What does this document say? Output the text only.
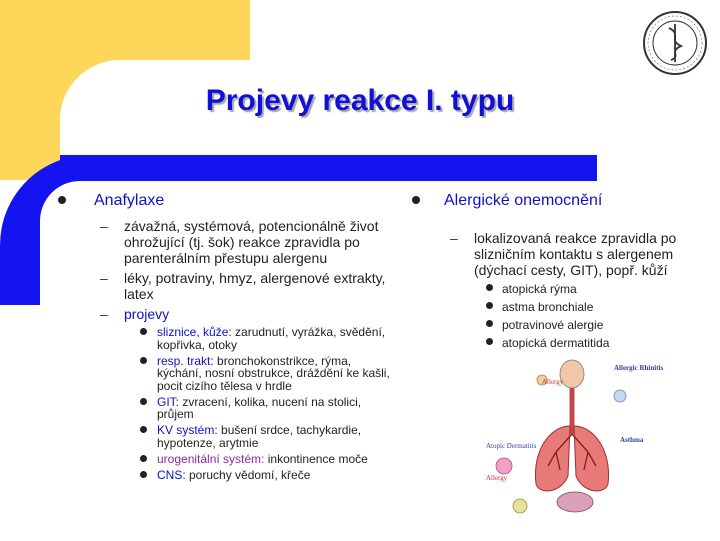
Projevy reakce I. typu
Anafylaxe
–	závažná, systémová, potencionálně život ohrožující (tj. šok) reakce zpravidla po parenterálním přestupu alergenu
–	léky, potraviny, hmyz, alergenové extrakty, latex
–	projevy
sliznice, kůže: zarudnutí, vyrážka, svědění, kopřivka, otoky
resp. trakt: bronchokonstrikce, rýma, kýchání, nosní obstrukce, dráždění ke kašli, pocit cizího tělesa v hrdle
GIT: zvracení, kolika, nucení na stolici, průjem
KV systém: bušení srdce, tachykardie, hypotenze, arytmie
urogenitální systém: inkontinence moče
CNS: poruchy vědomí, křeče
Alergické onemocnění
–	lokalizovaná reakce zpravidla po slizničním kontaktu s alergenem (dýchací cesty, GIT), popř. kůží
atopická rýma
astma bronchiale
potravinové alergie
atopická dermatitida
Allergy
Allergic Rhinitis
Asthma
Atopic Dermatitis
Allergy
